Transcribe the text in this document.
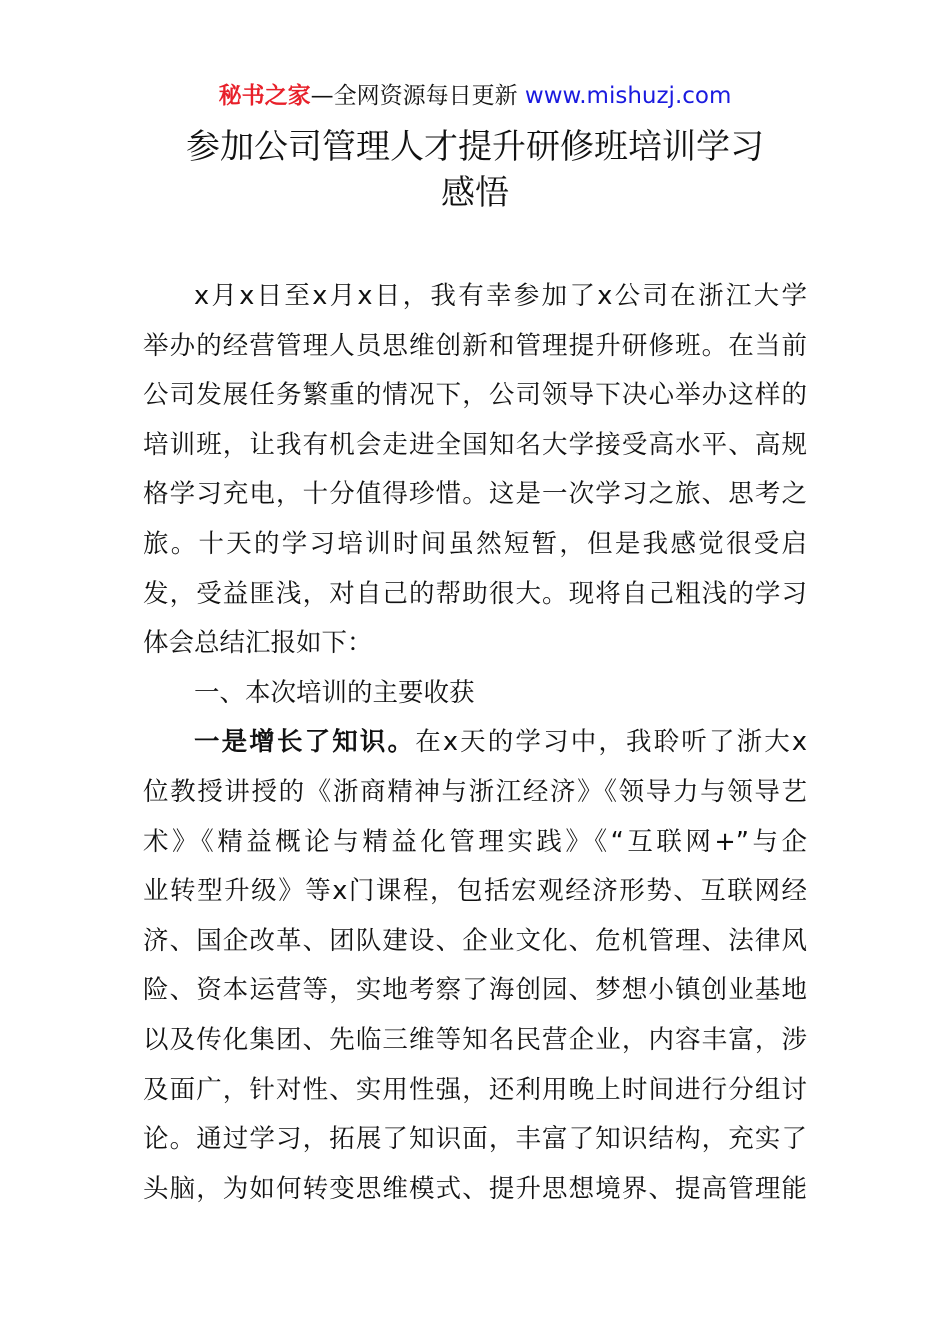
秘书之家—全网资源每日更新 www.mishuzj.com
参加公司管理人才提升研修班培训学习
感悟
x月x日至x月x日，我有幸参加了x公司在浙江大学
举办的经营管理人员思维创新和管理提升研修班。在当前
公司发展任务繁重的情况下，公司领导下决心举办这样的
培训班，让我有机会走进全国知名大学接受高水平、高规
格学习充电，十分值得珍惜。这是一次学习之旅、思考之
旅。十天的学习培训时间虽然短暂，但是我感觉很受启
发，受益匪浅，对自己的帮助很大。现将自己粗浅的学习
体会总结汇报如下：
一、本次培训的主要收获
一是增长了知识。在x天的学习中，我聆听了浙大x
位教授讲授的《浙商精神与浙江经济》《领导力与领导艺
术》《精益概论与精益化管理实践》《“互联网+”与企
业转型升级》等x门课程，包括宏观经济形势、互联网经
济、国企改革、团队建设、企业文化、危机管理、法律风
险、资本运营等，实地考察了海创园、梦想小镇创业基地
以及传化集团、先临三维等知名民营企业，内容丰富，涉
及面广，针对性、实用性强，还利用晚上时间进行分组讨
论。通过学习，拓展了知识面，丰富了知识结构，充实了
头脑，为如何转变思维模式、提升思想境界、提高管理能
